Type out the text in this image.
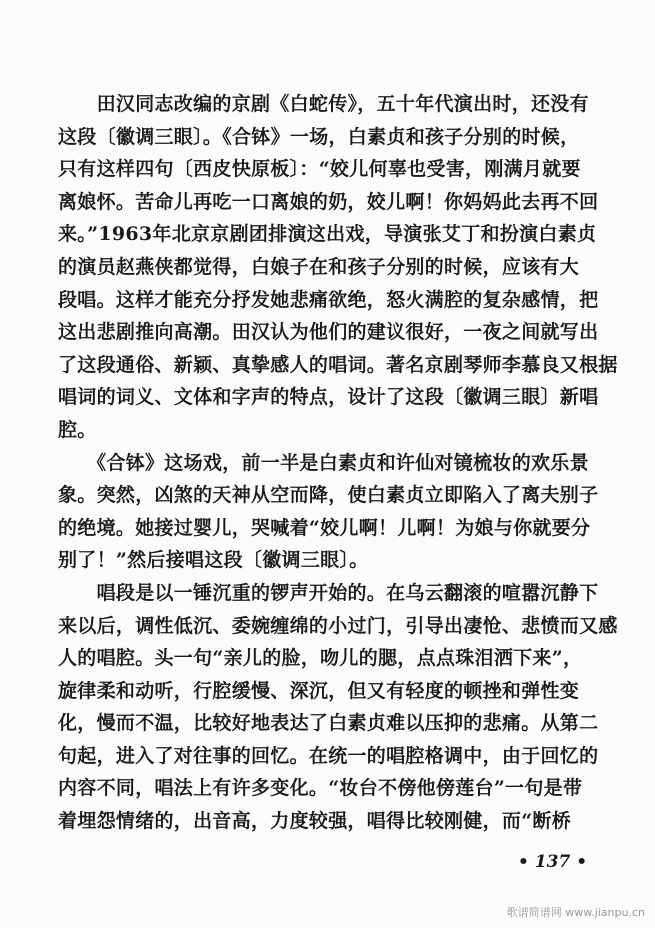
　　田汉同志改编的京剧《白蛇传》，五十年代演出时，还没有
这段〔徽调三眼〕。《合钵》一场，白素贞和孩子分别的时候，
只有这样四句〔西皮快原板〕：“姣儿何辜也受害，刚满月就要
离娘怀。苦命儿再吃一口离娘的奶，姣儿啊！你妈妈此去再不回
来。”1963年北京京剧团排演这出戏，导演张艾丁和扮演白素贞
的演员赵燕侠都觉得，白娘子在和孩子分别的时候，应该有大
段唱。这样才能充分抒发她悲痛欲绝，怒火满腔的复杂感情，把
这出悲剧推向高潮。田汉认为他们的建议很好，一夜之间就写出
了这段通俗、新颖、真挚感人的唱词。著名京剧琴师李慕良又根据
唱词的词义、文体和字声的特点，设计了这段〔徽调三眼〕新唱
腔。
　　《合钵》这场戏，前一半是白素贞和许仙对镜梳妆的欢乐景
象。突然，凶煞的天神从空而降，使白素贞立即陷入了离夫别子
的绝境。她接过婴儿，哭喊着“姣儿啊！儿啊！为娘与你就要分
别了！”然后接唱这段〔徽调三眼〕。
　　唱段是以一锤沉重的锣声开始的。在乌云翻滚的喧嚣沉静下
来以后，调性低沉、委婉缠绵的小过门，引导出凄怆、悲愤而又感
人的唱腔。头一句“亲儿的脸，吻儿的腮，点点珠泪洒下来”，
旋律柔和动听，行腔缓慢、深沉，但又有轻度的顿挫和弹性变
化，慢而不温，比较好地表达了白素贞难以压抑的悲痛。从第二
句起，进入了对往事的回忆。在统一的唱腔格调中，由于回忆的
内容不同，唱法上有许多变化。“妆台不傍他傍莲台”一句是带
着埋怨情绪的，出音高，力度较强，唱得比较刚健，而“断桥
• 137 •
歌谱简谱网 www.jianpu.cn
